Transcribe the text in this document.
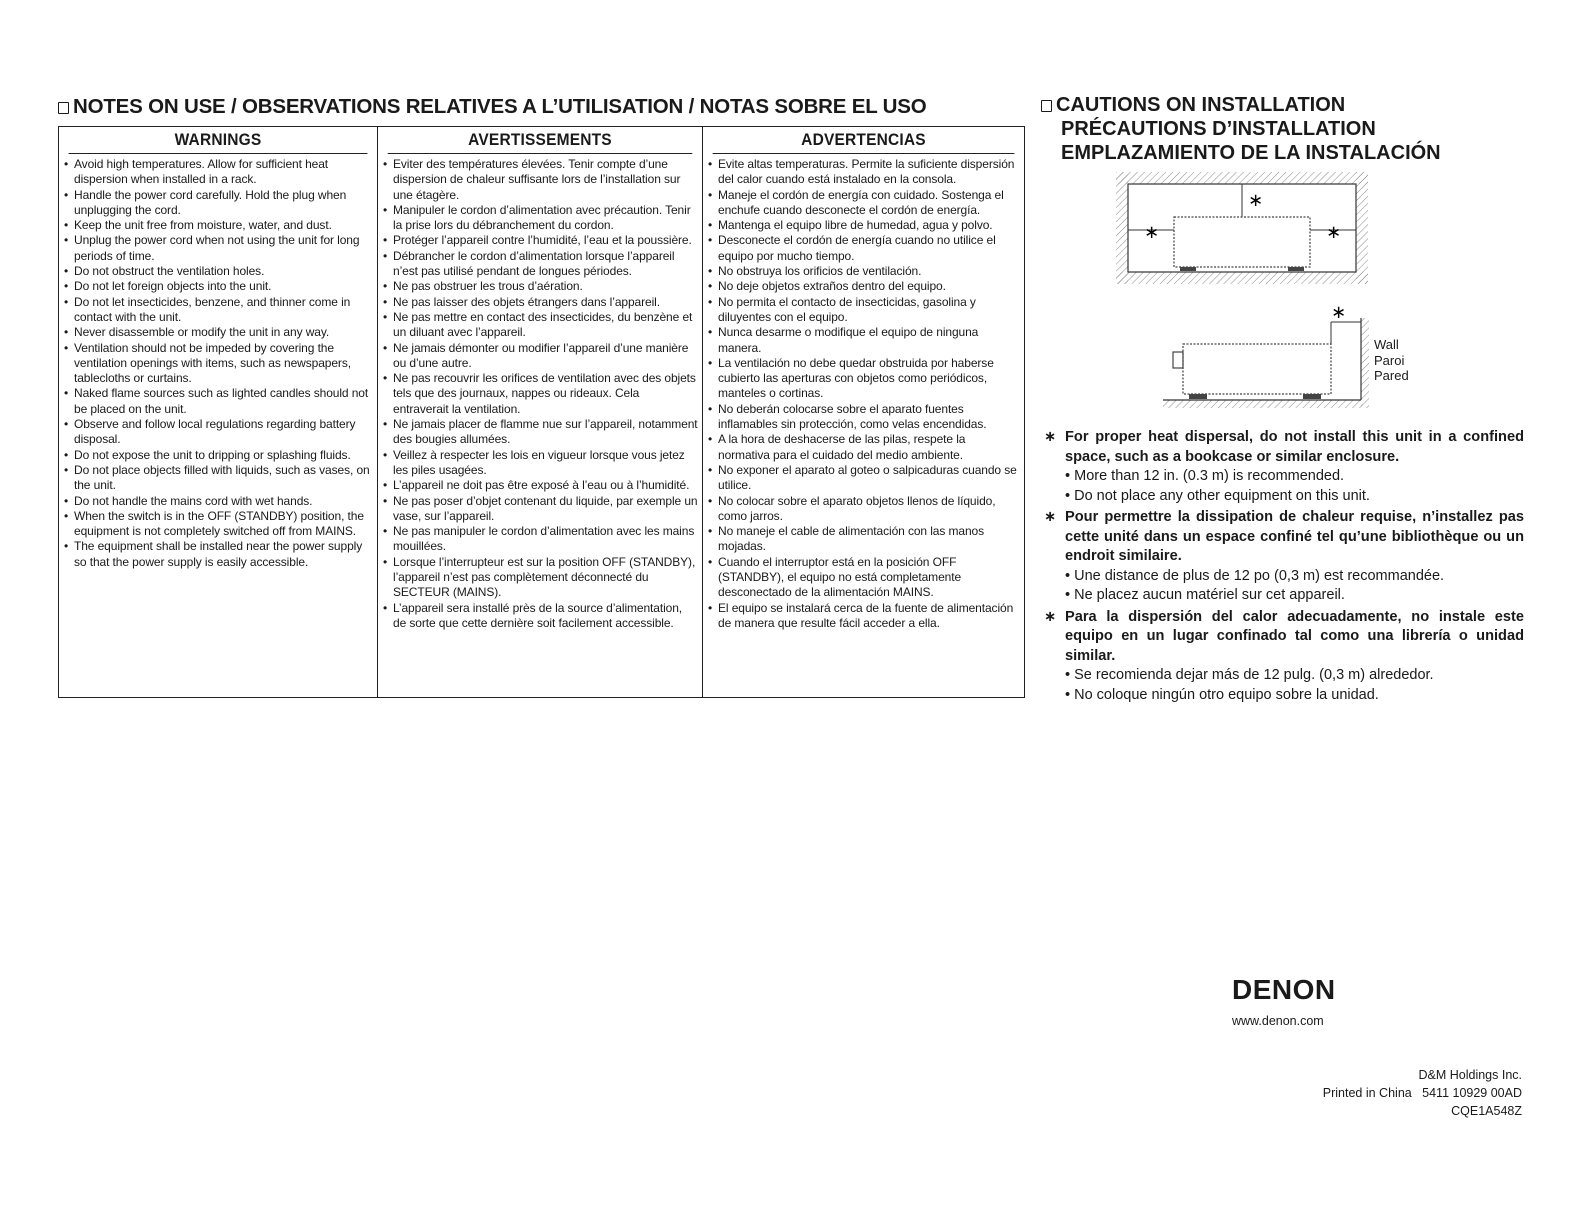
NOTES ON USE / OBSERVATIONS RELATIVES A L’UTILISATION / NOTAS SOBRE EL USO
WARNINGS
• Avoid high temperatures. Allow for sufficient heat dispersion when installed in a rack.
• Handle the power cord carefully. Hold the plug when unplugging the cord.
• Keep the unit free from moisture, water, and dust.
• Unplug the power cord when not using the unit for long periods of time.
• Do not obstruct the ventilation holes.
• Do not let foreign objects into the unit.
• Do not let insecticides, benzene, and thinner come in contact with the unit.
• Never disassemble or modify the unit in any way.
• Ventilation should not be impeded by covering the ventilation openings with items, such as newspapers, tablecloths or curtains.
• Naked flame sources such as lighted candles should not be placed on the unit.
• Observe and follow local regulations regarding battery disposal.
• Do not expose the unit to dripping or splashing fluids.
• Do not place objects filled with liquids, such as vases, on the unit.
• Do not handle the mains cord with wet hands.
• When the switch is in the OFF (STANDBY) position, the equipment is not completely switched off from MAINS.
• The equipment shall be installed near the power supply so that the power supply is easily accessible.
AVERTISSEMENTS
• Eviter des températures élevées. Tenir compte d’une dispersion de chaleur suffisante lors de l’installation sur une étagère.
• Manipuler le cordon d’alimentation avec précaution. Tenir la prise lors du débranchement du cordon.
• Protéger l’appareil contre l’humidité, l’eau et la poussière.
• Débrancher le cordon d’alimentation lorsque l’appareil n’est pas utilisé pendant de longues périodes.
• Ne pas obstruer les trous d’aération.
• Ne pas laisser des objets étrangers dans l’appareil.
• Ne pas mettre en contact des insecticides, du benzène et un diluant avec l’appareil.
• Ne jamais démonter ou modifier l’appareil d’une manière ou d’une autre.
• Ne pas recouvrir les orifices de ventilation avec des objets tels que des journaux, nappes ou rideaux. Cela entraverait la ventilation.
• Ne jamais placer de flamme nue sur l’appareil, notamment des bougies allumées.
• Veillez à respecter les lois en vigueur lorsque vous jetez les piles usagées.
• L’appareil ne doit pas être exposé à l’eau ou à l’humidité.
• Ne pas poser d’objet contenant du liquide, par exemple un vase, sur l’appareil.
• Ne pas manipuler le cordon d’alimentation avec les mains mouillées.
• Lorsque l’interrupteur est sur la position OFF (STANDBY), l’appareil n’est pas complètement déconnecté du SECTEUR (MAINS).
• L’appareil sera installé près de la source d’alimentation, de sorte que cette dernière soit facilement accessible.
ADVERTENCIAS
• Evite altas temperaturas. Permite la suficiente dispersión del calor cuando está instalado en la consola.
• Maneje el cordón de energía con cuidado. Sostenga el enchufe cuando desconecte el cordón de energía.
• Mantenga el equipo libre de humedad, agua y polvo.
• Desconecte el cordón de energía cuando no utilice el equipo por mucho tiempo.
• No obstruya los orificios de ventilación.
• No deje objetos extraños dentro del equipo.
• No permita el contacto de insecticidas, gasolina y diluyentes con el equipo.
• Nunca desarme o modifique el equipo de ninguna manera.
• La ventilación no debe quedar obstruida por haberse cubierto las aperturas con objetos como periódicos, manteles o cortinas.
• No deberán colocarse sobre el aparato fuentes inflamables sin protección, como velas encendidas.
• A la hora de deshacerse de las pilas, respete la normativa para el cuidado del medio ambiente.
• No exponer el aparato al goteo o salpicaduras cuando se utilice.
• No colocar sobre el aparato objetos llenos de líquido, como jarros.
• No maneje el cable de alimentación con las manos mojadas.
• Cuando el interruptor está en la posición OFF (STANDBY), el equipo no está completamente desconectado de la alimentación MAINS.
• El equipo se instalará cerca de la fuente de alimentación de manera que resulte fácil acceder a ella.
CAUTIONS ON INSTALLATION
PRÉCAUTIONS D’INSTALLATION
EMPLAZAMIENTO DE LA INSTALACIÓN
∗
∗	∗
∗
Wall
Paroi
Pared
∗ For proper heat dispersal, do not install this unit in a confined space, such as a bookcase or similar enclosure.
• More than 12 in. (0.3 m) is recommended.
• Do not place any other equipment on this unit.
∗ Pour permettre la dissipation de chaleur requise, n’installez pas cette unité dans un espace confiné tel qu’une bibliothèque ou un endroit similaire.
• Une distance de plus de 12 po (0,3 m) est recommandée.
• Ne placez aucun matériel sur cet appareil.
∗ Para la dispersión del calor adecuadamente, no instale este equipo en un lugar confinado tal como una librería o unidad similar.
• Se recomienda dejar más de 12 pulg. (0,3 m) alrededor.
• No coloque ningún otro equipo sobre la unidad.
DENON
www.denon.com
D&M Holdings Inc.
Printed in China   5411 10929 00AD
CQE1A548Z
